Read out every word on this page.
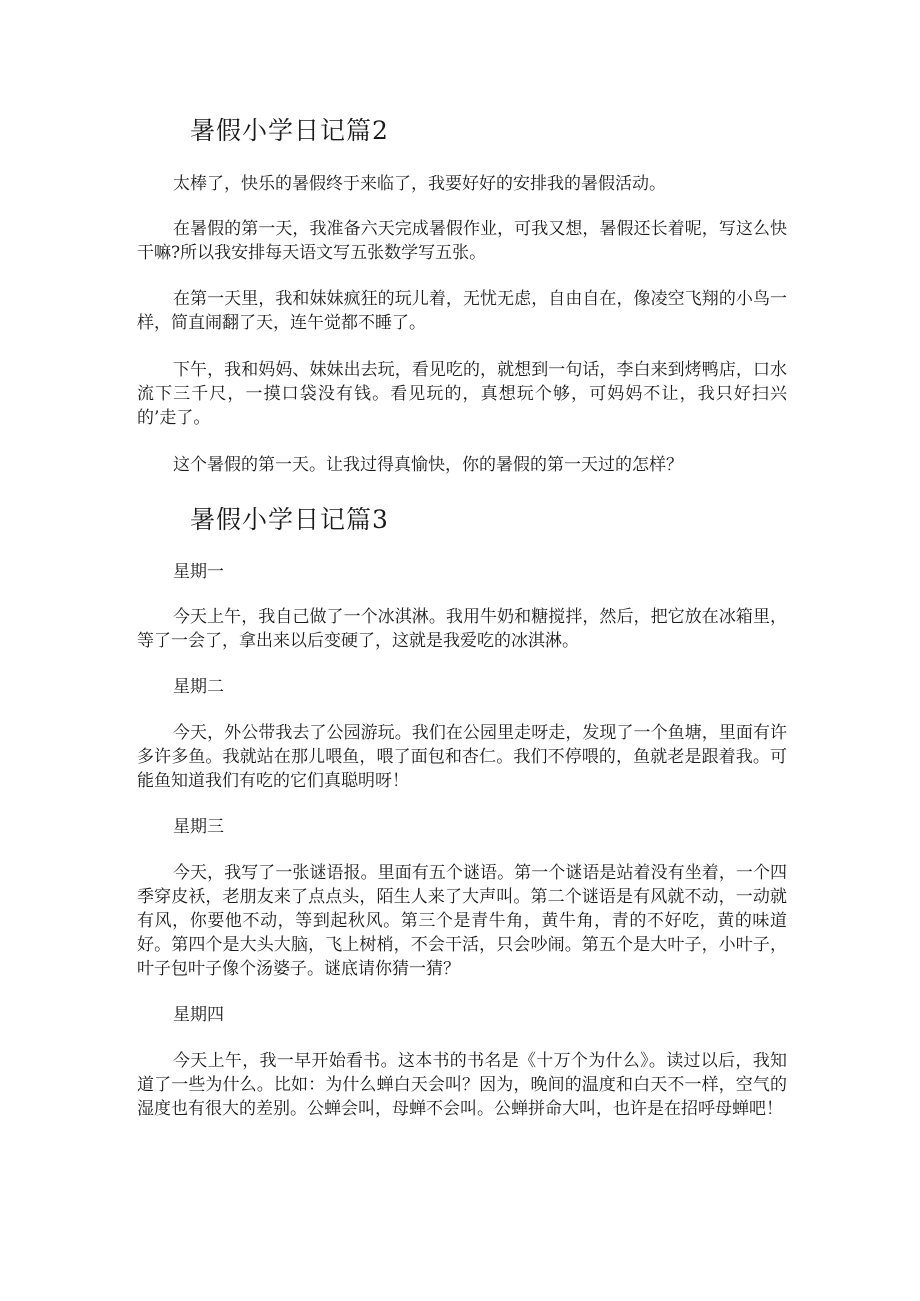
暑假小学日记篇2

太棒了，快乐的暑假终于来临了，我要好好的安排我的暑假活动。

在暑假的第一天，我准备六天完成暑假作业，可我又想，暑假还长着呢，写这么快干嘛?所以我安排每天语文写五张数学写五张。

在第一天里，我和妹妹疯狂的玩儿着，无忧无虑，自由自在，像凌空飞翔的小鸟一样，简直闹翻了天，连午觉都不睡了。

下午，我和妈妈、妹妹出去玩，看见吃的，就想到一句话，李白来到烤鸭店，口水流下三千尺，一摸口袋没有钱。看见玩的，真想玩个够，可妈妈不让，我只好扫兴的’走了。

这个暑假的第一天。让我过得真愉快，你的暑假的第一天过的怎样？

暑假小学日记篇3
星期一

今天上午，我自己做了一个冰淇淋。我用牛奶和糖搅拌，然后，把它放在冰箱里，等了一会了，拿出来以后变硬了，这就是我爱吃的冰淇淋。

星期二

今天，外公带我去了公园游玩。我们在公园里走呀走，发现了一个鱼塘，里面有许多许多鱼。我就站在那儿喂鱼，喂了面包和杏仁。我们不停喂的，鱼就老是跟着我。可能鱼知道我们有吃的它们真聪明呀！

星期三

今天，我写了一张谜语报。里面有五个谜语。第一个谜语是站着没有坐着，一个四季穿皮袄，老朋友来了点点头，陌生人来了大声叫。第二个谜语是有风就不动，一动就有风，你要他不动，等到起秋风。第三个是青牛角，黄牛角，青的不好吃，黄的味道好。第四个是大头大脑，飞上树梢，不会干活，只会吵闹。第五个是大叶子，小叶子，叶子包叶子像个汤婆子。谜底请你猜一猜？

星期四

今天上午，我一早开始看书。这本书的书名是《十万个为什么》。读过以后，我知道了一些为什么。比如：为什么蝉白天会叫？因为，晚间的温度和白天不一样，空气的湿度也有很大的差别。公蝉会叫，母蝉不会叫。公蝉拼命大叫，也许是在招呼母蝉吧！
